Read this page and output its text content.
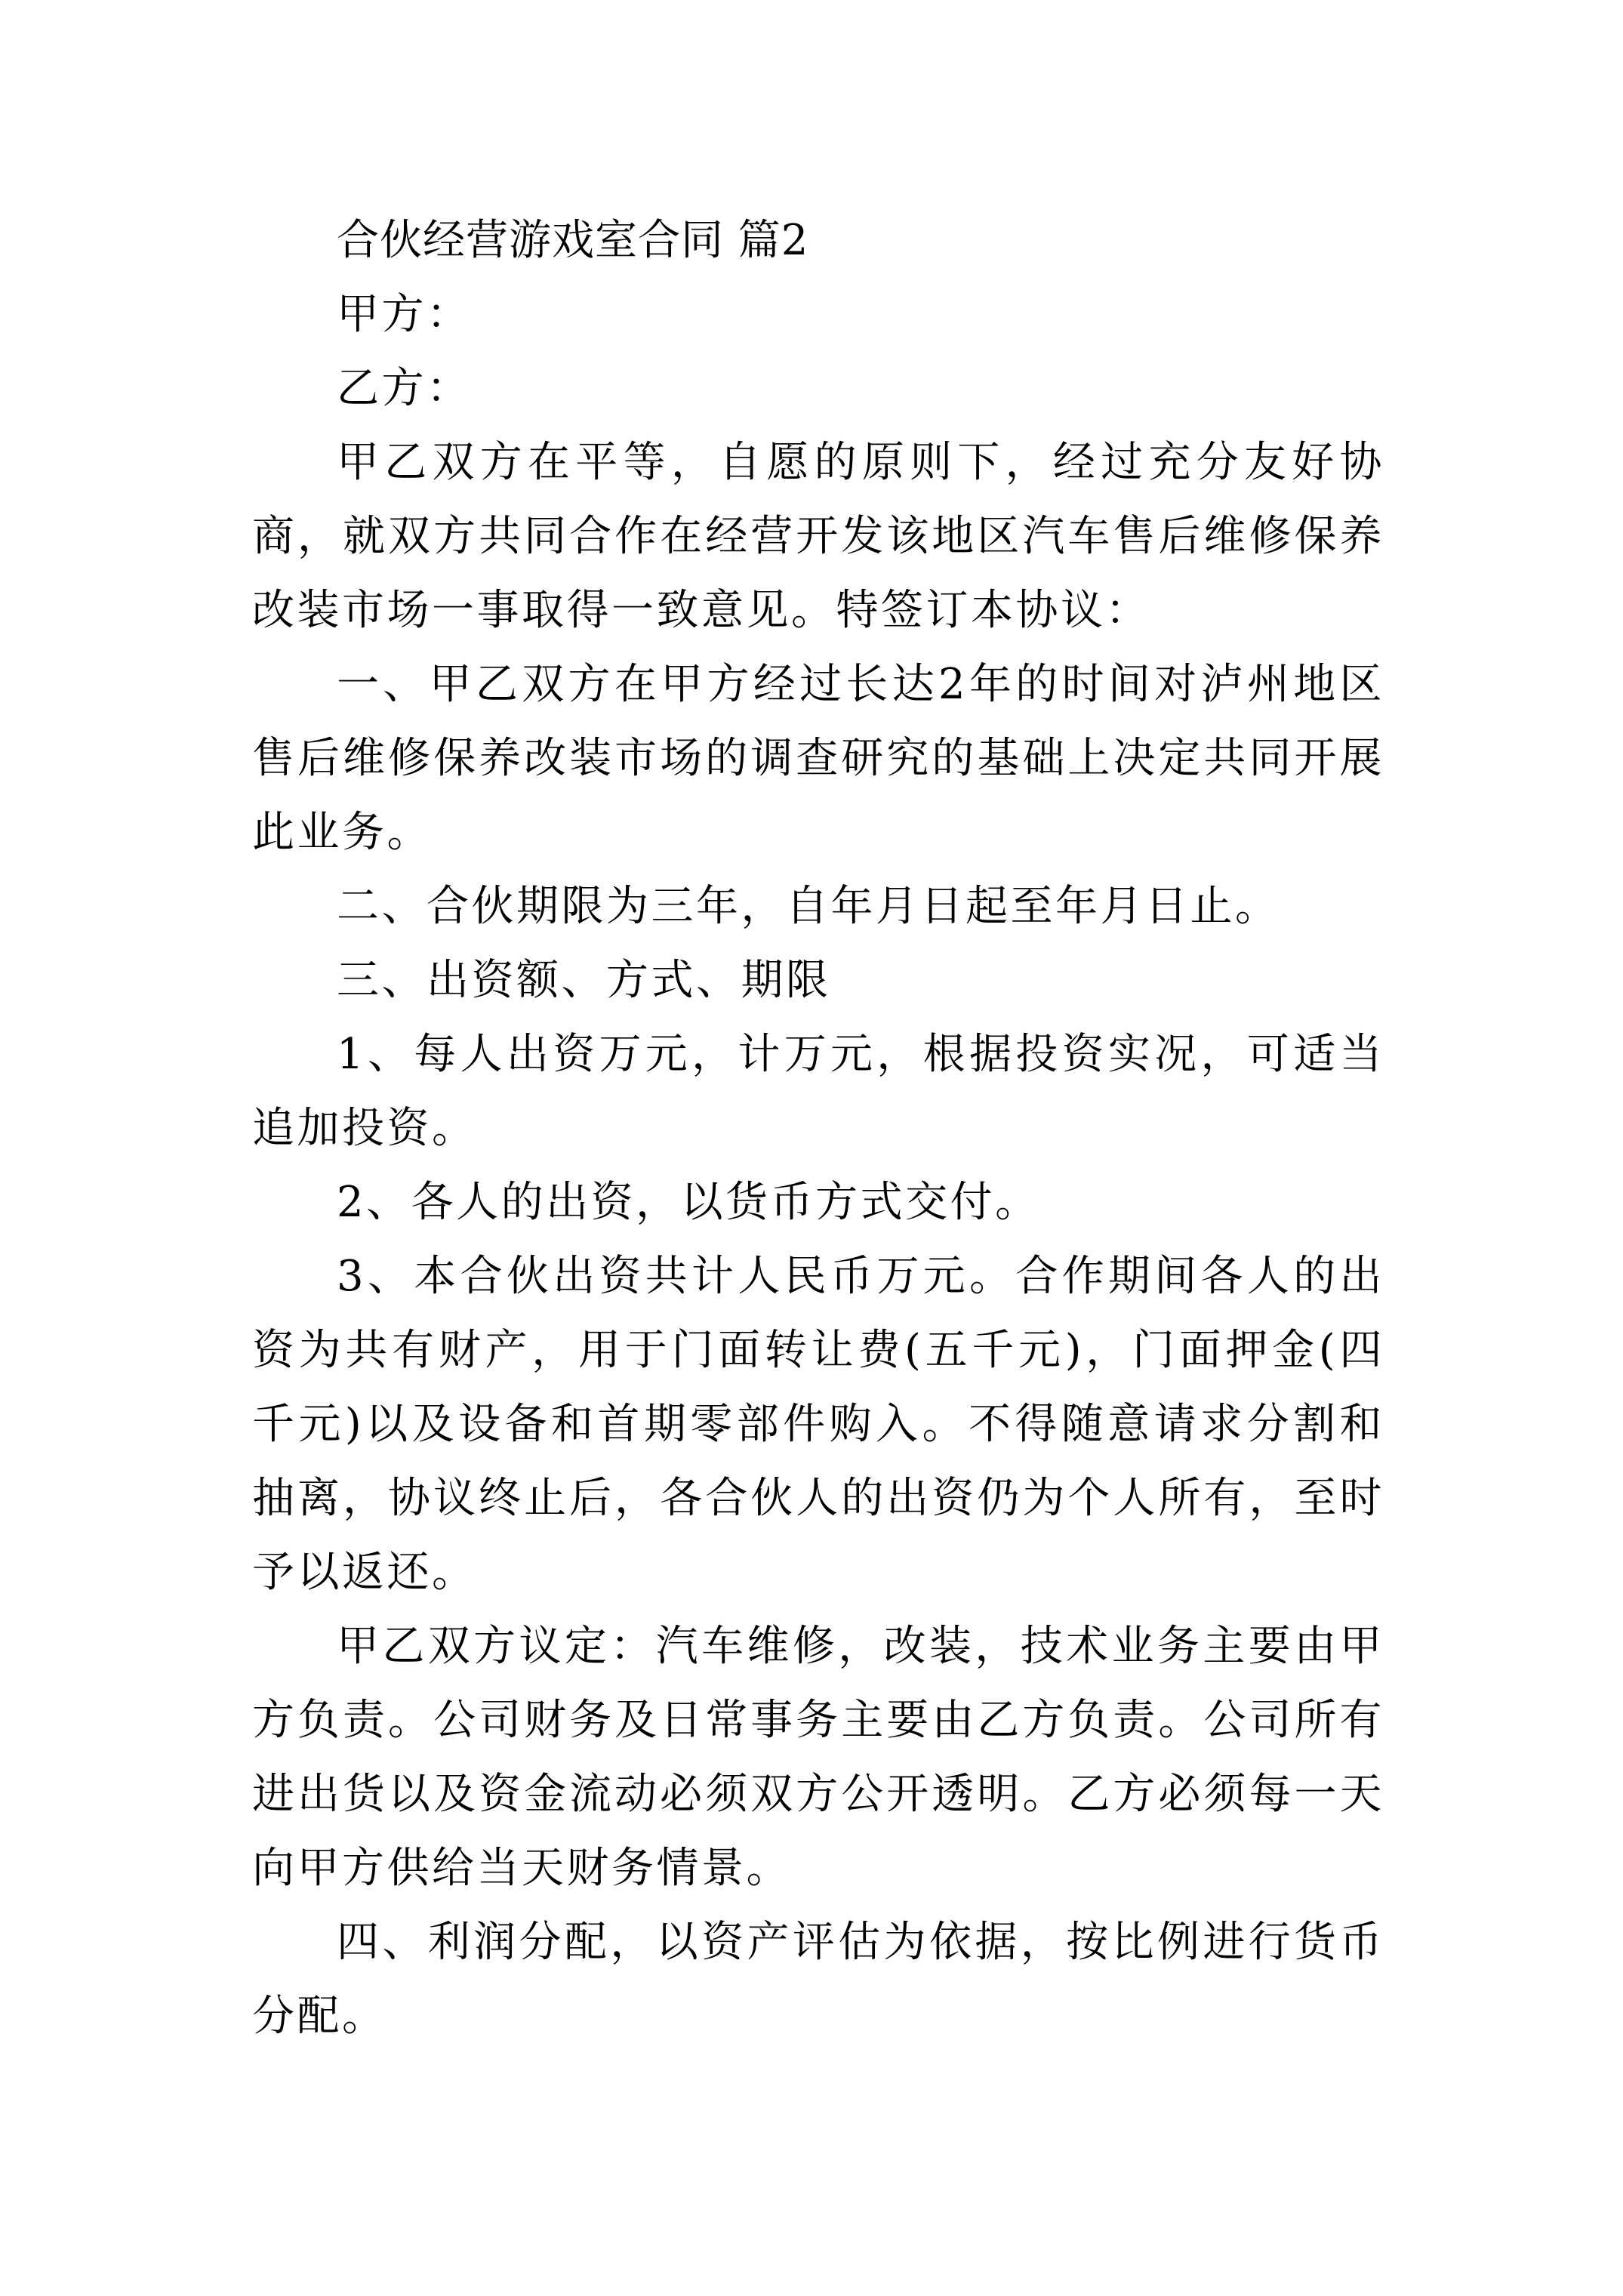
合伙经营游戏室合同 篇2

甲方：

乙方：

甲乙双方在平等，自愿的原则下，经过充分友好协商，就双方共同合作在经营开发该地区汽车售后维修保养改装市场一事取得一致意见。特签订本协议：

一、甲乙双方在甲方经过长达2年的时间对泸州地区售后维修保养改装市场的调查研究的基础上决定共同开展此业务。

二、合伙期限为三年，自年月日起至年月日止。

三、出资额、方式、期限

1、每人出资万元，计万元，根据投资实况，可适当追加投资。

2、各人的出资，以货币方式交付。

3、本合伙出资共计人民币万元。合作期间各人的出资为共有财产，用于门面转让费(五千元)，门面押金(四千元)以及设备和首期零部件购入。不得随意请求分割和抽离，协议终止后，各合伙人的出资仍为个人所有，至时予以返还。

甲乙双方议定：汽车维修，改装，技术业务主要由甲方负责。公司财务及日常事务主要由乙方负责。公司所有进出货以及资金流动必须双方公开透明。乙方必须每一天向甲方供给当天财务情景。

四、利润分配，以资产评估为依据，按比例进行货币分配。
